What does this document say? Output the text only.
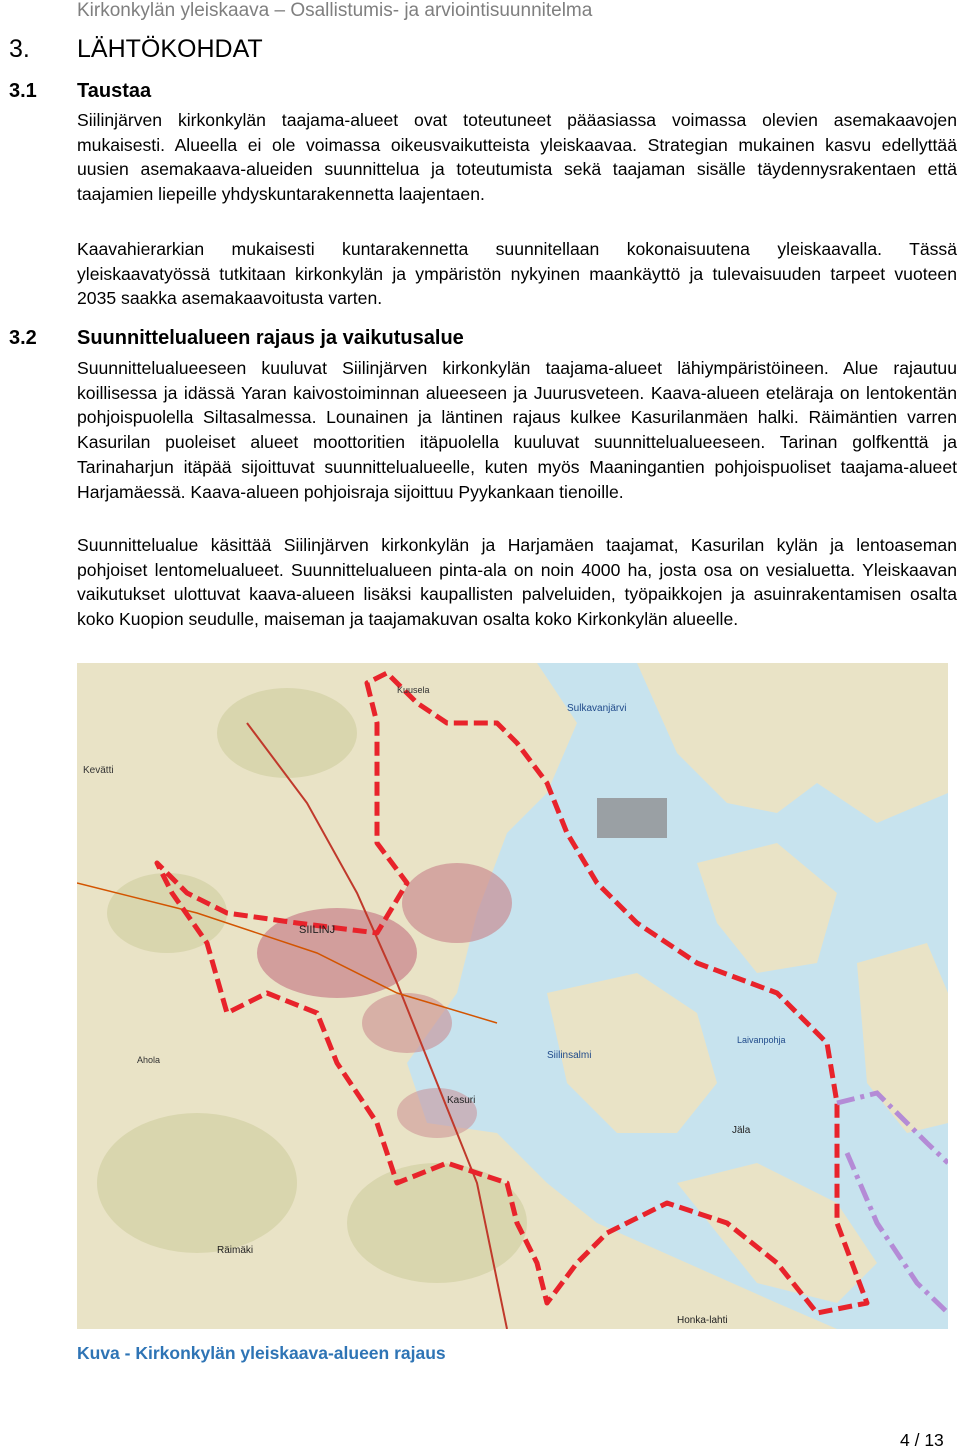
Kirkonkylän yleiskaava – Osallistumis- ja arviointisuunnitelma
3. LÄHTÖKOHDAT
3.1 Taustaa

Siilinjärven kirkonkylän taajama-alueet ovat toteutuneet pääasiassa voimassa olevien asemakaavojen mukaisesti. Alueella ei ole voimassa oikeusvaikutteista yleiskaavaa. Strategian mukainen kasvu edellyttää uusien asemakaava-alueiden suunnittelua ja toteutumista sekä taajaman sisälle täydennysrakentaen että taajamien liepeille yhdyskuntarakennetta laajentaen.

Kaavahierarkian mukaisesti kuntarakennetta suunnitellaan kokonaisuutena yleiskaavalla. Tässä yleiskaavatyössä tutkitaan kirkonkylän ja ympäristön nykyinen maankäyttö ja tulevaisuuden tarpeet vuoteen 2035 saakka asemakaavoitusta varten.

3.2 Suunnittelualueen rajaus ja vaikutusalue

Suunnittelualueeseen kuuluvat Siilinjärven kirkonkylän taajama-alueet lähiympäristöineen. Alue rajautuu koillisessa ja idässä Yaran kaivostoiminnan alueeseen ja Juurusveteen. Kaava-alueen eteläraja on lentokentän pohjoispuolella Siltasalmessa. Lounainen ja läntinen rajaus kulkee Kasurilanmäen halki. Räimäntien varren Kasurilan puoleiset alueet moottoritien itäpuolella kuuluvat suunnittelualueeseen. Tarinan golfkenttä ja Tarinaharjun itäpää sijoittuvat suunnittelualueelle, kuten myös Maaningantien pohjoispuoliset taajama-alueet Harjamäessä. Kaava-alueen pohjoisraja sijoittuu Pyykankaan tienoille.

Suunnittelualue käsittää Siilinjärven kirkonkylän ja Harjamäen taajamat, Kasurilan kylän ja lentoaseman pohjoiset lentomelualueet. Suunnittelualueen pinta-ala on noin 4000 ha, josta osa on vesialuetta. Yleiskaavan vaikutukset ulottuvat kaava-alueen lisäksi kaupallisten palveluiden, työpaikkojen ja asuinrakentamisen osalta koko Kuopion seudulle, maiseman ja taajamakuvan osalta koko Kirkonkylän alueelle.

Sulkavanjärvi
Kevätti
SIILINJ
Siilinsalmi
Kasuri
Räimäki
Honka-lahti
Jäla
Kuusela
Ahola
Laivanpohja
Kuva - Kirkonkylän yleiskaava-alueen rajaus
4 / 13
